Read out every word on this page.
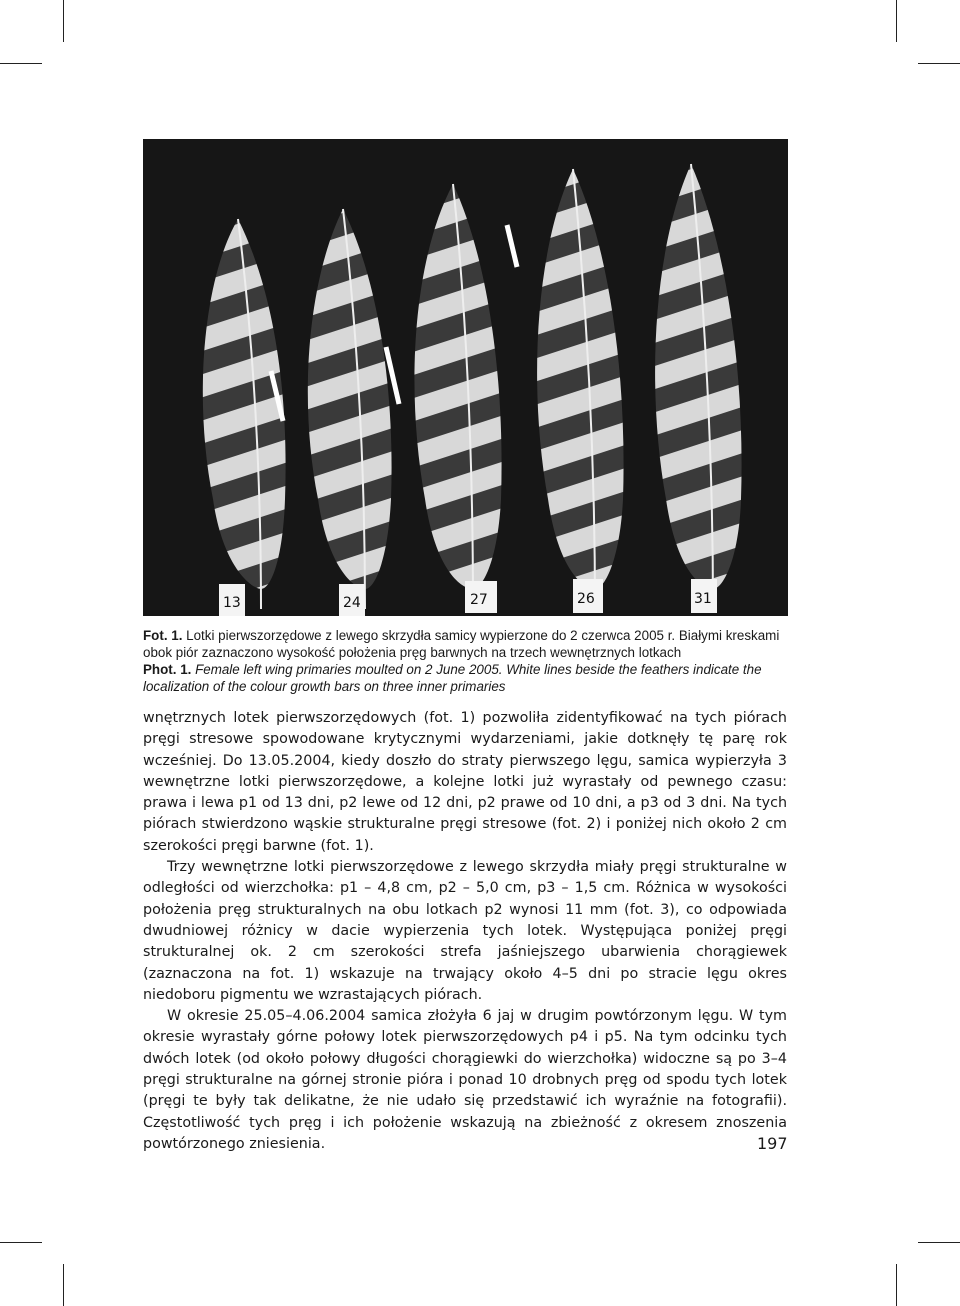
13	24	27	26	31

Fot. 1. Lotki pierwszorzędowe z lewego skrzydła samicy wypierzone do 2 czerwca 2005 r. Białymi kreskami obok piór zaznaczono wysokość położenia pręg barwnych na trzech wewnętrznych lotkach

Phot. 1. Female left wing primaries moulted on 2 June 2005. White lines beside the feathers indicate the localization of the colour growth bars on three inner primaries

wnętrznych lotek pierwszorzędowych (fot. 1) pozwoliła zidentyfikować na tych piórach pręgi stresowe spowodowane krytycznymi wydarzeniami, jakie dotknęły tę parę rok wcześniej. Do 13.05.2004, kiedy doszło do straty pierwszego lęgu, samica wypierzyła 3 wewnętrzne lotki pierwszorzędowe, a kolejne lotki już wyrastały od pewnego czasu: prawa i lewa p1 od 13 dni, p2 lewe od 12 dni, p2 prawe od 10 dni, a p3 od 3 dni. Na tych piórach stwierdzono wąskie strukturalne pręgi stresowe (fot. 2) i poniżej nich około 2 cm szerokości pręgi barwne (fot. 1).

Trzy wewnętrzne lotki pierwszorzędowe z lewego skrzydła miały pręgi strukturalne w odległości od wierzchołka: p1 – 4,8 cm, p2 – 5,0 cm, p3 – 1,5 cm. Różnica w wysokości położenia pręg strukturalnych na obu lotkach p2 wynosi 11 mm (fot. 3), co odpowiada dwudniowej różnicy w dacie wypierzenia tych lotek. Występująca poniżej pręgi strukturalnej ok. 2 cm szerokości strefa jaśniejszego ubarwienia chorągiewek (zaznaczona na fot. 1) wskazuje na trwający około 4–5 dni po stracie lęgu okres niedoboru pigmentu we wzrastających piórach.

W okresie 25.05–4.06.2004 samica złożyła 6 jaj w drugim powtórzonym lęgu. W tym okresie wyrastały górne połowy lotek pierwszorzędowych p4 i p5. Na tym odcinku tych dwóch lotek (od około połowy długości chorągiewki do wierzchołka) widoczne są po 3–4 pręgi strukturalne na górnej stronie pióra i ponad 10 drobnych pręg od spodu tych lotek (pręgi te były tak delikatne, że nie udało się przedstawić ich wyraźnie na fotografii). Częstotliwość tych pręg i ich położenie wskazują na zbieżność z okresem znoszenia powtórzonego zniesienia.	197
